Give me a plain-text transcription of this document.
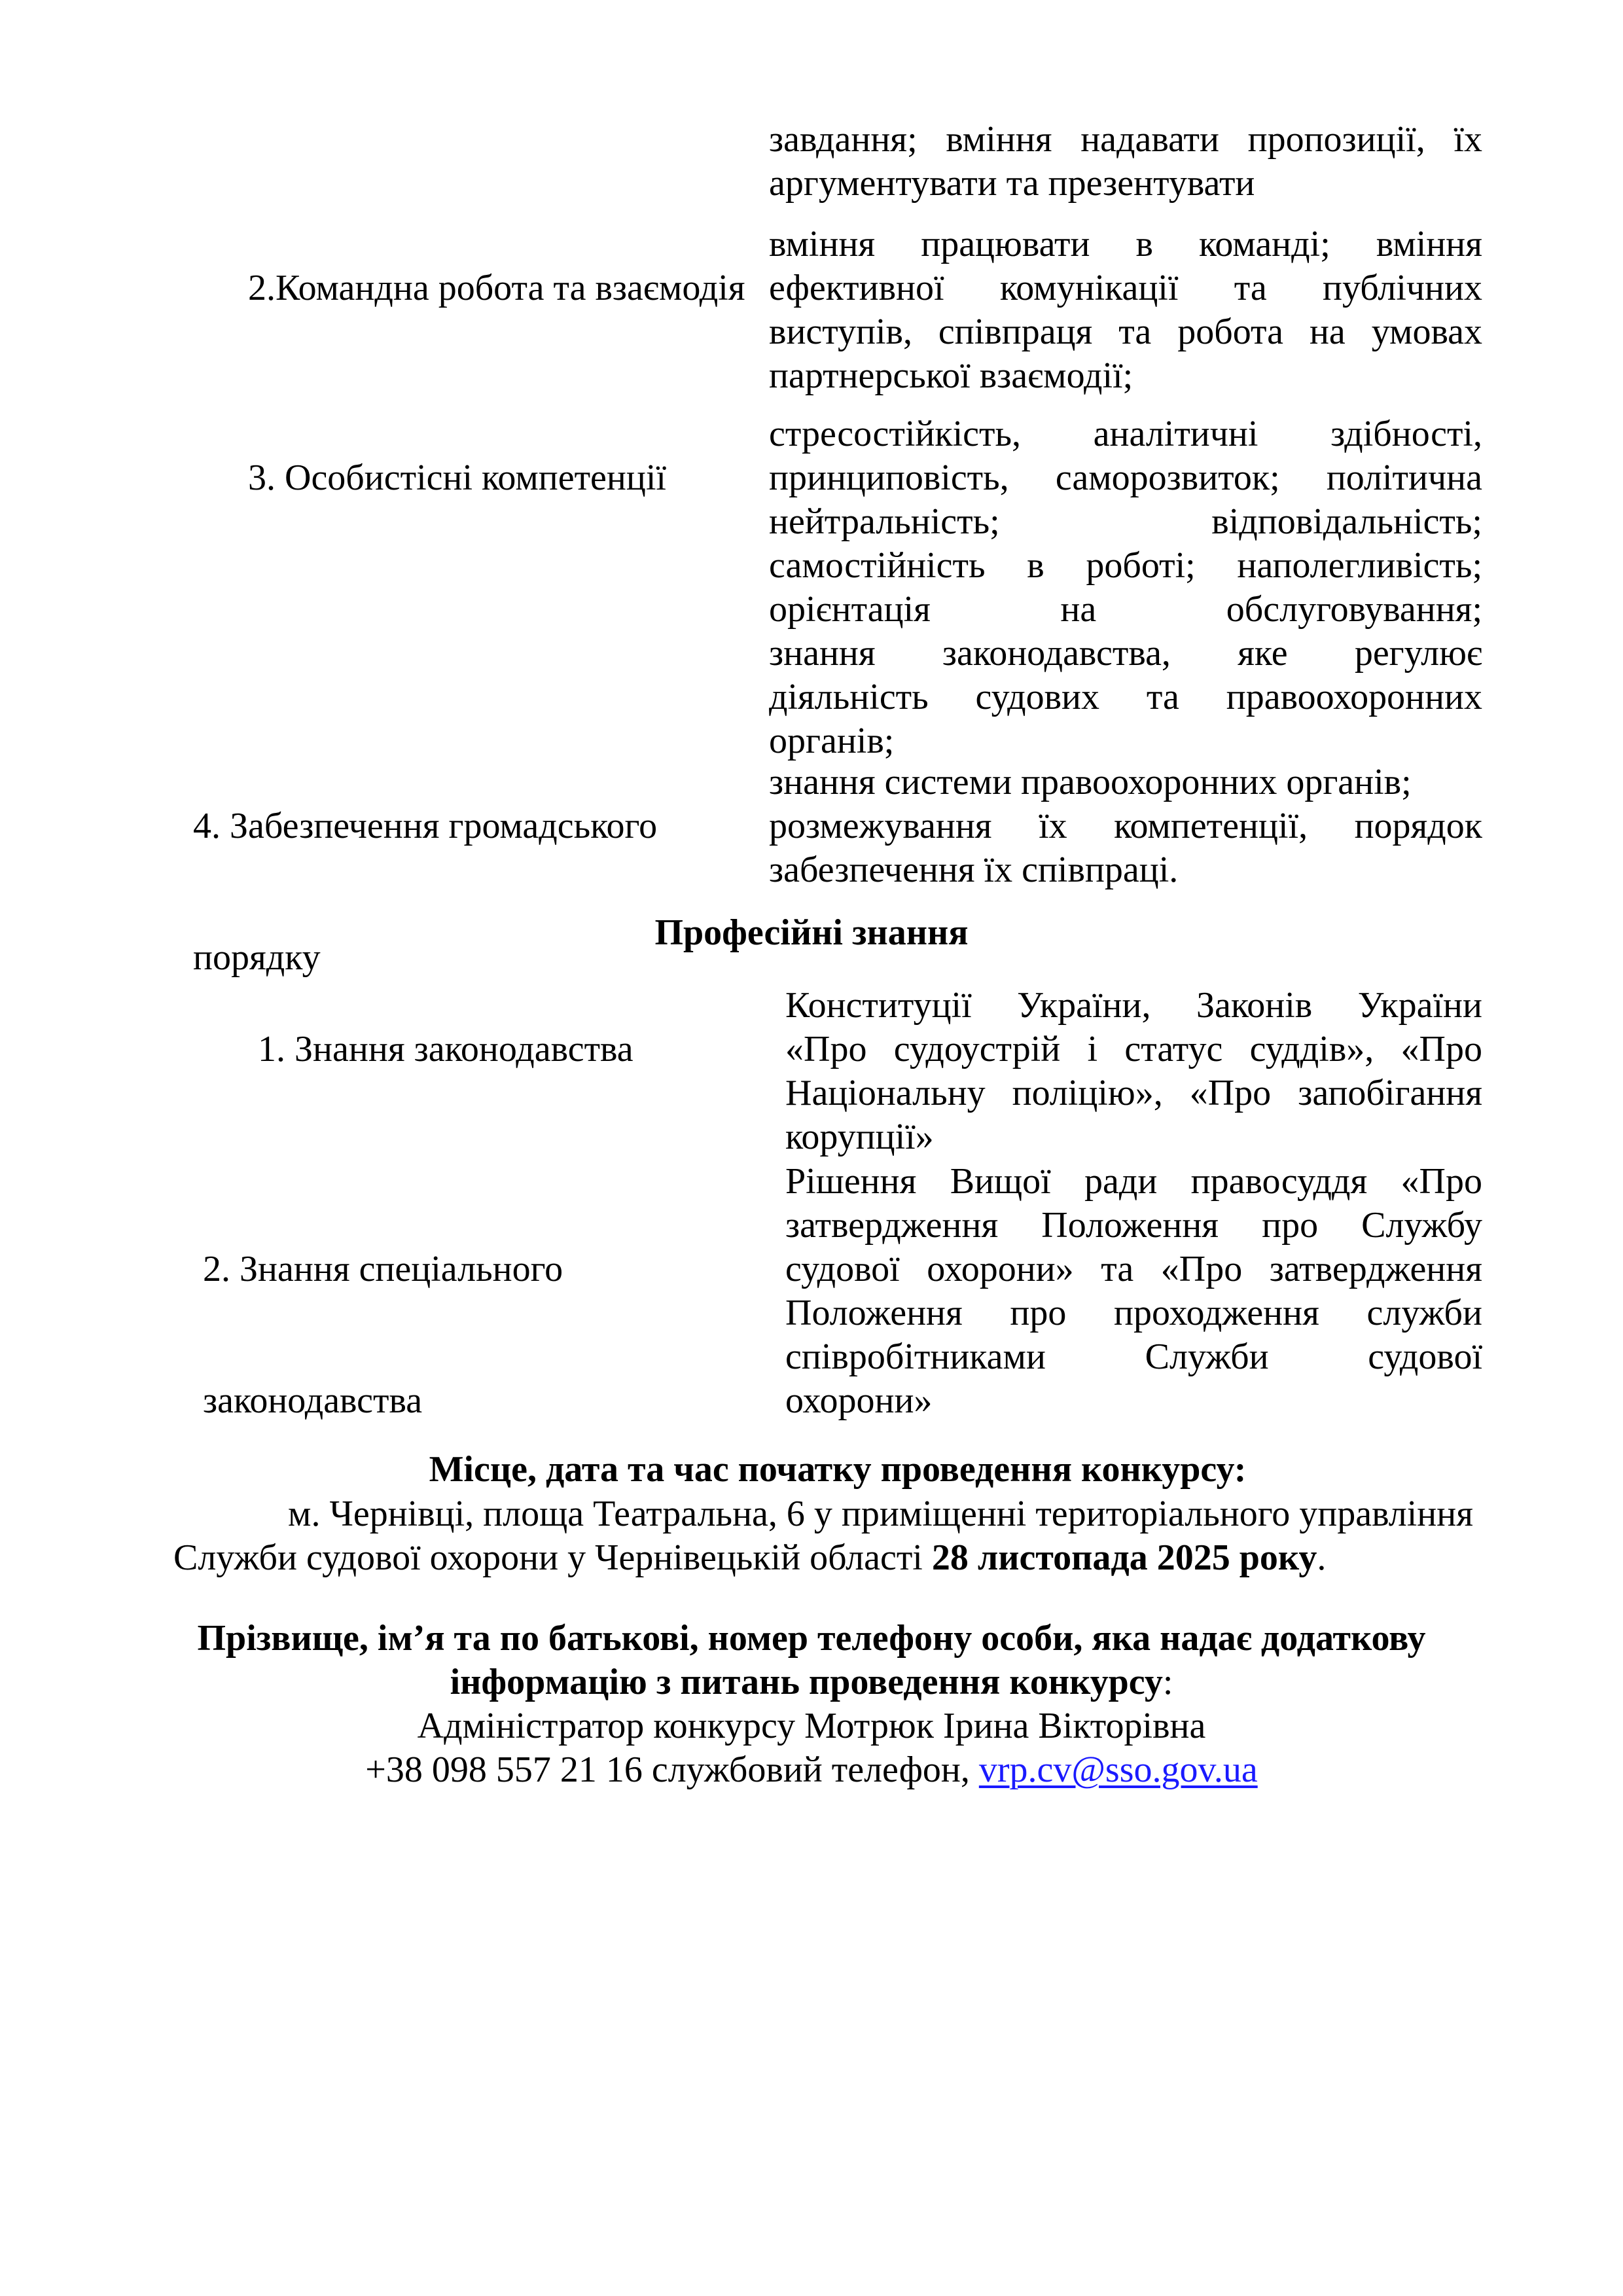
завдання; вміння надавати пропозиції, їх
аргументувати та презентувати

2.Командна робота та взаємодія

вміння працювати в команді; вміння
ефективної комунікації та публічних
виступів, співпраця та робота на умовах
партнерської взаємодії;

3. Особистісні компетенції

стресостійкість, аналітичні здібності,
принциповість, саморозвиток; політична
нейтральність; відповідальність;
самостійність в роботі; наполегливість;
орієнтація на обслуговування;
знання законодавства, яке регулює
діяльність судових та правоохоронних
органів;

4. Забезпечення громадського

порядку

знання системи правоохоронних органів;
розмежування їх компетенції, порядок
забезпечення їх співпраці.
Професійні знання

1. Знання законодавства

Конституції України, Законів України
«Про судоустрій і статус суддів», «Про
Національну поліцію», «Про запобігання
корупції»

2. Знання спеціального

законодавства

Рішення Вищої ради правосуддя «Про
затвердження Положення про Службу
судової охорони» та «Про затвердження
Положення про проходження служби
співробітниками Служби судової
охорони»
Місце, дата та час початку проведення конкурсу:
м. Чернівці, площа Театральна, 6 у приміщенні територіального управління
Служби судової охорони у Чернівецькій області 28 листопада 2025 року.
Прізвище, ім’я та по батькові, номер телефону особи, яка надає додаткову
інформацію з питань проведення конкурсу:
Адміністратор конкурсу Мотрюк Ірина Вікторівна
+38 098 557 21 16 службовий телефон, vrp.cv@sso.gov.ua
